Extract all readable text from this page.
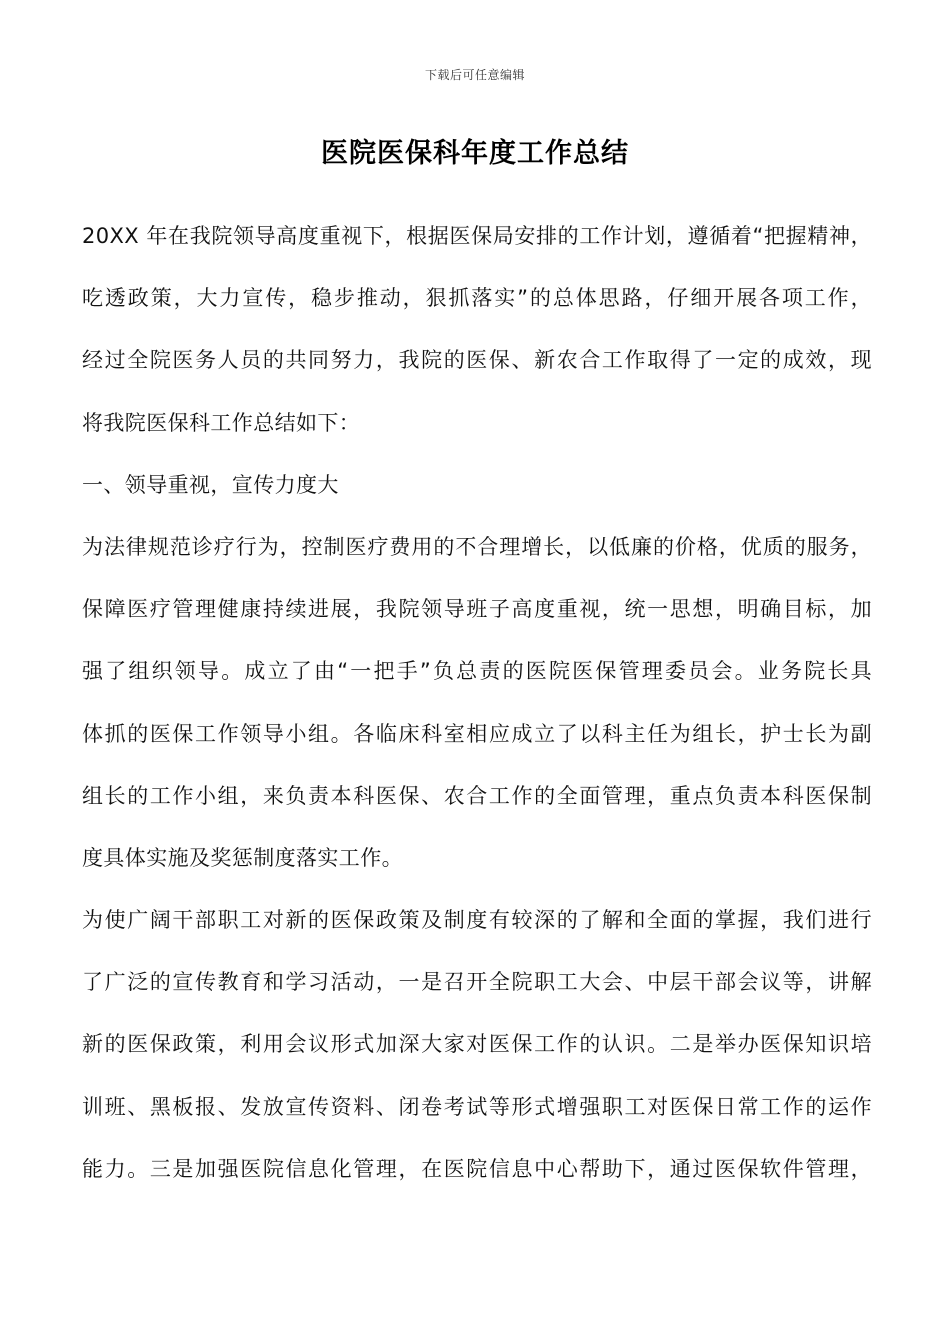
下载后可任意编辑
医院医保科年度工作总结
20XX 年在我院领导高度重视下，根据医保局安排的工作计划，遵循着“把握精神，
吃透政策，大力宣传，稳步推动，狠抓落实”的总体思路，仔细开展各项工作，
经过全院医务人员的共同努力，我院的医保、新农合工作取得了一定的成效，现
将我院医保科工作总结如下：
一、领导重视，宣传力度大
为法律规范诊疗行为，控制医疗费用的不合理增长，以低廉的价格，优质的服务，
保障医疗管理健康持续进展，我院领导班子高度重视，统一思想，明确目标，加
强了组织领导。成立了由“一把手”负总责的医院医保管理委员会。业务院长具
体抓的医保工作领导小组。各临床科室相应成立了以科主任为组长，护士长为副
组长的工作小组，来负责本科医保、农合工作的全面管理，重点负责本科医保制
度具体实施及奖惩制度落实工作。
为使广阔干部职工对新的医保政策及制度有较深的了解和全面的掌握，我们进行
了广泛的宣传教育和学习活动，一是召开全院职工大会、中层干部会议等，讲解
新的医保政策，利用会议形式加深大家对医保工作的认识。二是举办医保知识培
训班、黑板报、发放宣传资料、闭卷考试等形式增强职工对医保日常工作的运作
能力。三是加强医院信息化管理，在医院信息中心帮助下，通过医保软件管理，
